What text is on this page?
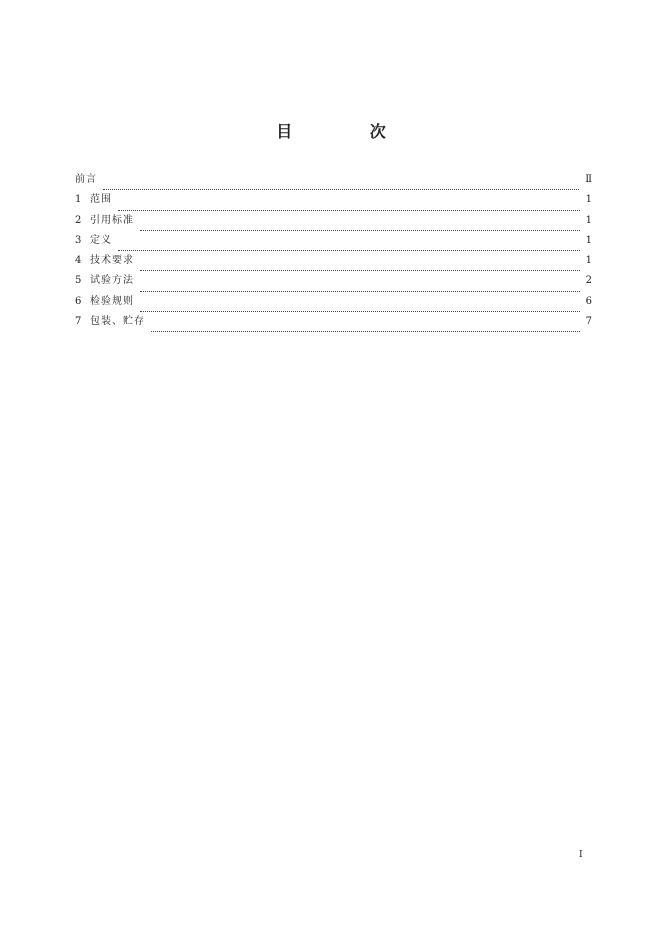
目 次
前言	Ⅱ
1 范围	1
2 引用标准	1
3 定义	1
4 技术要求	1
5 试验方法	2
6 检验规则	6
7 包装、贮存	7
I
